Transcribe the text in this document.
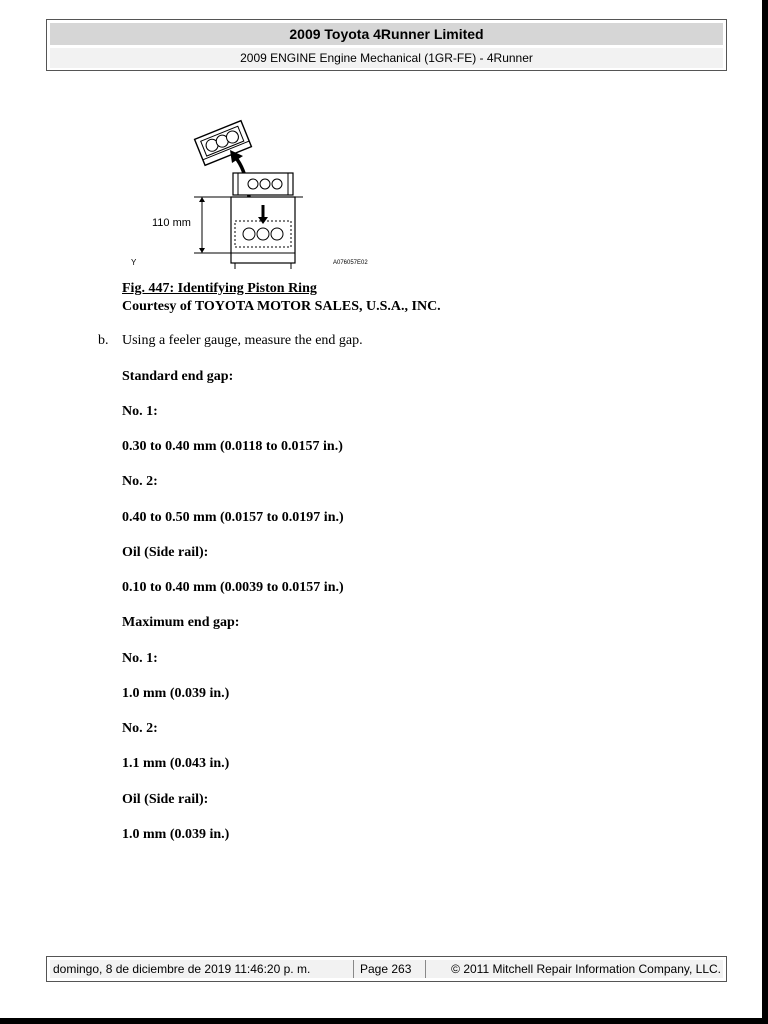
2009 Toyota 4Runner Limited
2009 ENGINE Engine Mechanical (1GR-FE) - 4Runner
110 mm
Y	A076057E02
Fig. 447: Identifying Piston Ring
Courtesy of TOYOTA MOTOR SALES, U.S.A., INC.
b. Using a feeler gauge, measure the end gap.
Standard end gap:
No. 1:
0.30 to 0.40 mm (0.0118 to 0.0157 in.)
No. 2:
0.40 to 0.50 mm (0.0157 to 0.0197 in.)
Oil (Side rail):
0.10 to 0.40 mm (0.0039 to 0.0157 in.)
Maximum end gap:
No. 1:
1.0 mm (0.039 in.)
No. 2:
1.1 mm (0.043 in.)
Oil (Side rail):
1.0 mm (0.039 in.)
domingo, 8 de diciembre de 2019 11:46:20 p. m.	Page 263	© 2011 Mitchell Repair Information Company, LLC.
